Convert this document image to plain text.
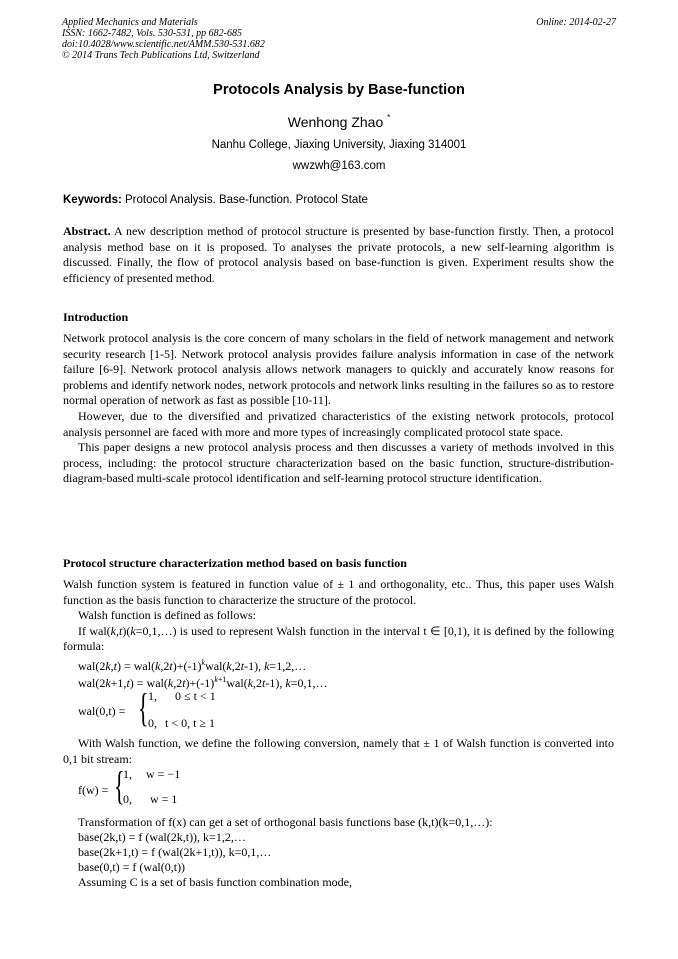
Applied Mechanics and Materials
ISSN: 1662-7482, Vols. 530-531, pp 682-685
doi:10.4028/www.scientific.net/AMM.530-531.682
© 2014 Trans Tech Publications Ltd, Switzerland
Online: 2014-02-27
Protocols Analysis by Base-function
Wenhong Zhao *
Nanhu College, Jiaxing University, Jiaxing 314001
wwzwh@163.com
Keywords: Protocol Analysis. Base-function. Protocol State

Abstract. A new description method of protocol structure is presented by base-function firstly. Then, a protocol analysis method base on it is proposed. To analyses the private protocols, a new self-learning algorithm is discussed. Finally, the flow of protocol analysis based on base-function is given. Experiment results show the efficiency of presented method.

Introduction

Network protocol analysis is the core concern of many scholars in the field of network management and network security research [1-5]. Network protocol analysis provides failure analysis information in case of the network failure [6-9]. Network protocol analysis allows network managers to quickly and accurately know reasons for problems and identify network nodes, network protocols and network links resulting in the failures so as to restore normal operation of network as fast as possible [10-11].

However, due to the diversified and privatized characteristics of the existing network protocols, protocol analysis personnel are faced with more and more types of increasingly complicated protocol state space.

This paper designs a new protocol analysis process and then discusses a variety of methods involved in this process, including: the protocol structure characterization based on the basic function, structure-distribution-diagram-based multi-scale protocol identification and self-learning protocol structure identification.

Protocol structure characterization method based on basis function

Walsh function system is featured in function value of ± 1 and orthogonality, etc.. Thus, this paper uses Walsh function as the basis function to characterize the structure of the protocol.

Walsh function is defined as follows:

If wal(k,t)(k=0,1,…) is used to represent Walsh function in the interval t ∈ [0,1), it is defined by the following formula:

$wal(2k,t) = wal(k,2t)+(-1)^kwal(k,2t-1)$, k=1,2,…
$wal(2k+1,t) = wal(k,2t)+(-1)^{k+1}wal(k,2t-1)$, k=0,1,…
wal(0,t) = { 1, 0 ≤ t < 1
0, t < 0, t ≥ 1

With Walsh function, we define the following conversion, namely that ± 1 of Walsh function is converted into 0,1 bit stream:

f(w) = {
1, w = −1
0, w = 1
Transformation of f(x) can get a set of orthogonal basis functions base (k,t)(k=0,1,…):
base(2k,t) = f (wal(2k,t)), k=1,2,…
base(2k+1,t) = f (wal(2k+1,t)), k=0,1,…
base(0,t) = f (wal(0,t))
Assuming C is a set of basis function combination mode,
